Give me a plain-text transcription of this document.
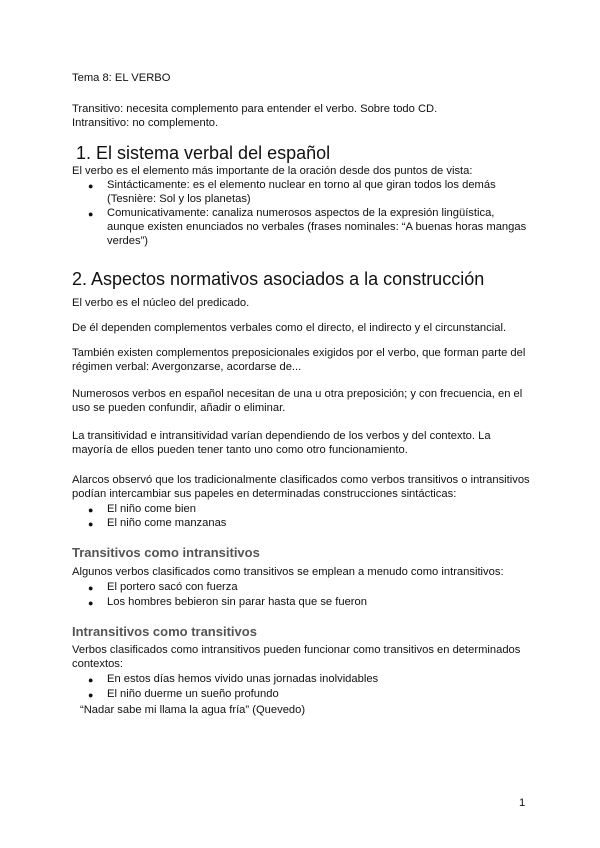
Tema 8: EL VERBO
Transitivo: necesita complemento para entender el verbo. Sobre todo CD.
Intransitivo: no complemento.
1. El sistema verbal del español
El verbo es el elemento más importante de la oración desde dos puntos de vista:
● Sintácticamente: es el elemento nuclear en torno al que giran todos los demás
(Tesnière: Sol y los planetas)
● Comunicativamente: canaliza numerosos aspectos de la expresión lingüística,
aunque existen enunciados no verbales (frases nominales: “A buenas horas mangas
verdes”)
2. Aspectos normativos asociados a la construcción
El verbo es el núcleo del predicado.
De él dependen complementos verbales como el directo, el indirecto y el circunstancial.
También existen complementos preposicionales exigidos por el verbo, que forman parte del
régimen verbal: Avergonzarse, acordarse de...
Numerosos verbos en español necesitan de una u otra preposición; y con frecuencia, en el
uso se pueden confundir, añadir o eliminar.
La transitividad e intransitividad varían dependiendo de los verbos y del contexto. La
mayoría de ellos pueden tener tanto uno como otro funcionamiento.
Alarcos observó que los tradicionalmente clasificados como verbos transitivos o intransitivos
podían intercambiar sus papeles en determinadas construcciones sintácticas:
● El niño come bien
● El niño come manzanas
Transitivos como intransitivos
Algunos verbos clasificados como transitivos se emplean a menudo como intransitivos:
● El portero sacó con fuerza
● Los hombres bebieron sin parar hasta que se fueron
Intransitivos como transitivos
Verbos clasificados como intransitivos pueden funcionar como transitivos en determinados
contextos:
● En estos días hemos vivido unas jornadas inolvidables
● El niño duerme un sueño profundo
“Nadar sabe mi llama la agua fría” (Quevedo)
1
